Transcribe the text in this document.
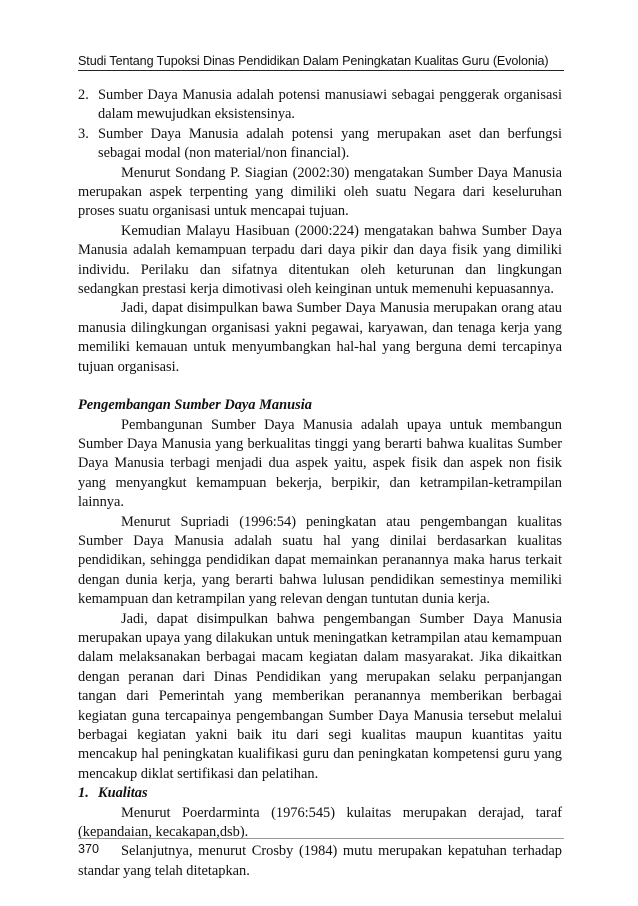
Studi Tentang Tupoksi Dinas Pendidikan Dalam Peningkatan Kualitas Guru (Evolonia)
2. Sumber Daya Manusia adalah potensi manusiawi sebagai penggerak organisasi dalam mewujudkan eksistensinya.
3. Sumber Daya Manusia adalah potensi yang merupakan aset dan berfungsi sebagai modal (non material/non financial).

Menurut Sondang P. Siagian (2002:30) mengatakan Sumber Daya Manusia merupakan aspek terpenting yang dimiliki oleh suatu Negara dari keseluruhan proses suatu organisasi untuk mencapai tujuan.

Kemudian Malayu Hasibuan (2000:224) mengatakan bahwa Sumber Daya Manusia adalah kemampuan terpadu dari daya pikir dan daya fisik yang dimiliki individu. Perilaku dan sifatnya ditentukan oleh keturunan dan lingkungan sedangkan prestasi kerja dimotivasi oleh keinginan untuk memenuhi kepuasannya.

Jadi, dapat disimpulkan bawa Sumber Daya Manusia merupakan orang atau manusia dilingkungan organisasi yakni pegawai, karyawan, dan tenaga kerja yang memiliki kemauan untuk menyumbangkan hal-hal yang berguna demi tercapinya tujuan organisasi.

Pengembangan Sumber Daya Manusia

Pembangunan Sumber Daya Manusia adalah upaya untuk membangun Sumber Daya Manusia yang berkualitas tinggi yang berarti bahwa kualitas Sumber Daya Manusia terbagi menjadi dua aspek yaitu, aspek fisik dan aspek non fisik yang menyangkut kemampuan bekerja, berpikir, dan ketrampilan-ketrampilan lainnya.

Menurut Supriadi (1996:54) peningkatan atau pengembangan kualitas Sumber Daya Manusia adalah suatu hal yang dinilai berdasarkan kualitas pendidikan, sehingga pendidikan dapat memainkan peranannya maka harus terkait dengan dunia kerja, yang berarti bahwa lulusan pendidikan semestinya memiliki kemampuan dan ketrampilan yang relevan dengan tuntutan dunia kerja.

Jadi, dapat disimpulkan bahwa pengembangan Sumber Daya Manusia merupakan upaya yang dilakukan untuk meningatkan ketrampilan atau kemampuan dalam melaksanakan berbagai macam kegiatan dalam masyarakat. Jika dikaitkan dengan peranan dari Dinas Pendidikan yang merupakan selaku perpanjangan tangan dari Pemerintah yang memberikan peranannya memberikan berbagai kegiatan guna tercapainya pengembangan Sumber Daya Manusia tersebut melalui berbagai kegiatan yakni baik itu dari segi kualitas maupun kuantitas yaitu mencakup hal peningkatan kualifikasi guru dan peningkatan kompetensi guru yang mencakup diklat sertifikasi dan pelatihan.

1. Kualitas

Menurut Poerdarminta (1976:545) kulaitas merupakan derajad, taraf (kepandaian, kecakapan,dsb).

Selanjutnya, menurut Crosby (1984) mutu merupakan kepatuhan terhadap standar yang telah ditetapkan.

370
